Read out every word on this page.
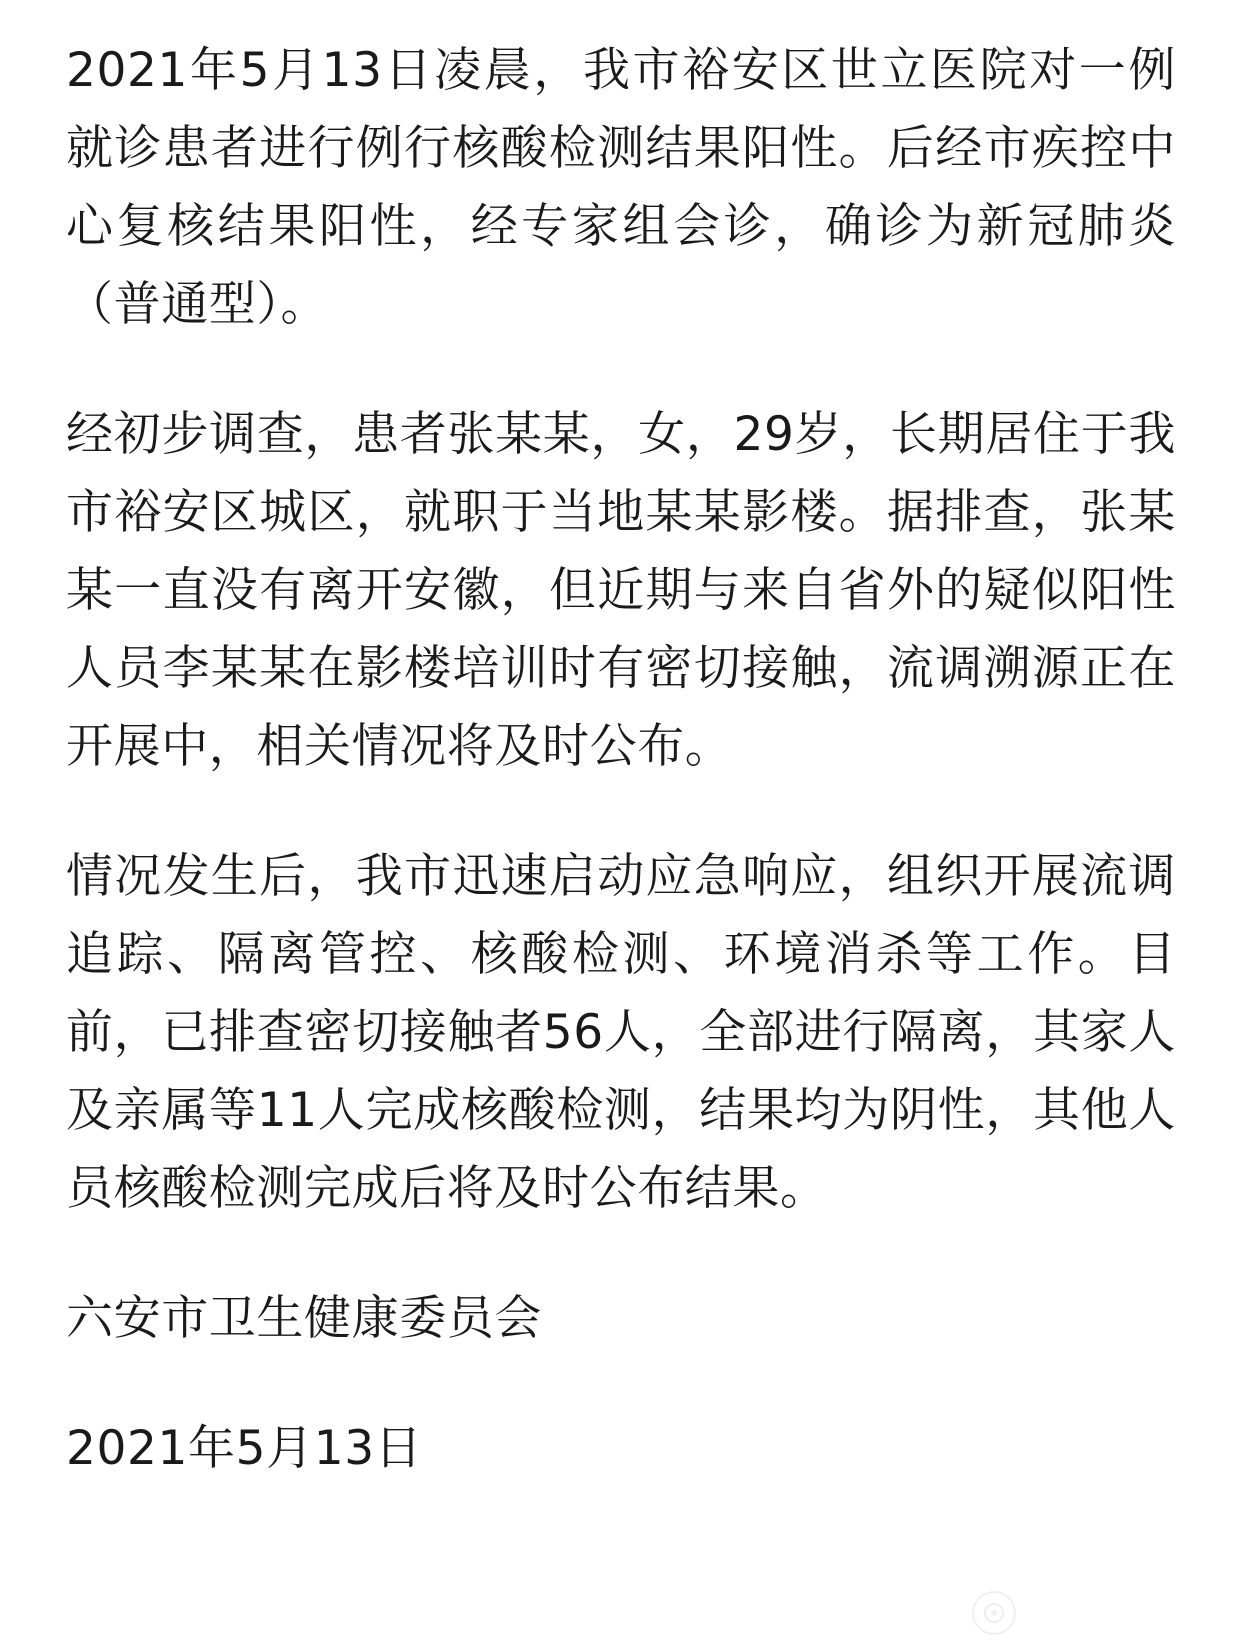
2021年5月13日凌晨，我市裕安区世立医院对一例就诊患者进行例行核酸检测结果阳性。后经市疾控中心复核结果阳性，经专家组会诊，确诊为新冠肺炎（普通型）。

经初步调查，患者张某某，女，29岁，长期居住于我市裕安区城区，就职于当地某某影楼。据排查，张某某一直没有离开安徽，但近期与来自省外的疑似阳性人员李某某在影楼培训时有密切接触，流调溯源正在开展中，相关情况将及时公布。

情况发生后，我市迅速启动应急响应，组织开展流调追踪、隔离管控、核酸检测、环境消杀等工作。目前，已排查密切接触者56人，全部进行隔离，其家人及亲属等11人完成核酸检测，结果均为阴性，其他人员核酸检测完成后将及时公布结果。

六安市卫生健康委员会

2021年5月13日
